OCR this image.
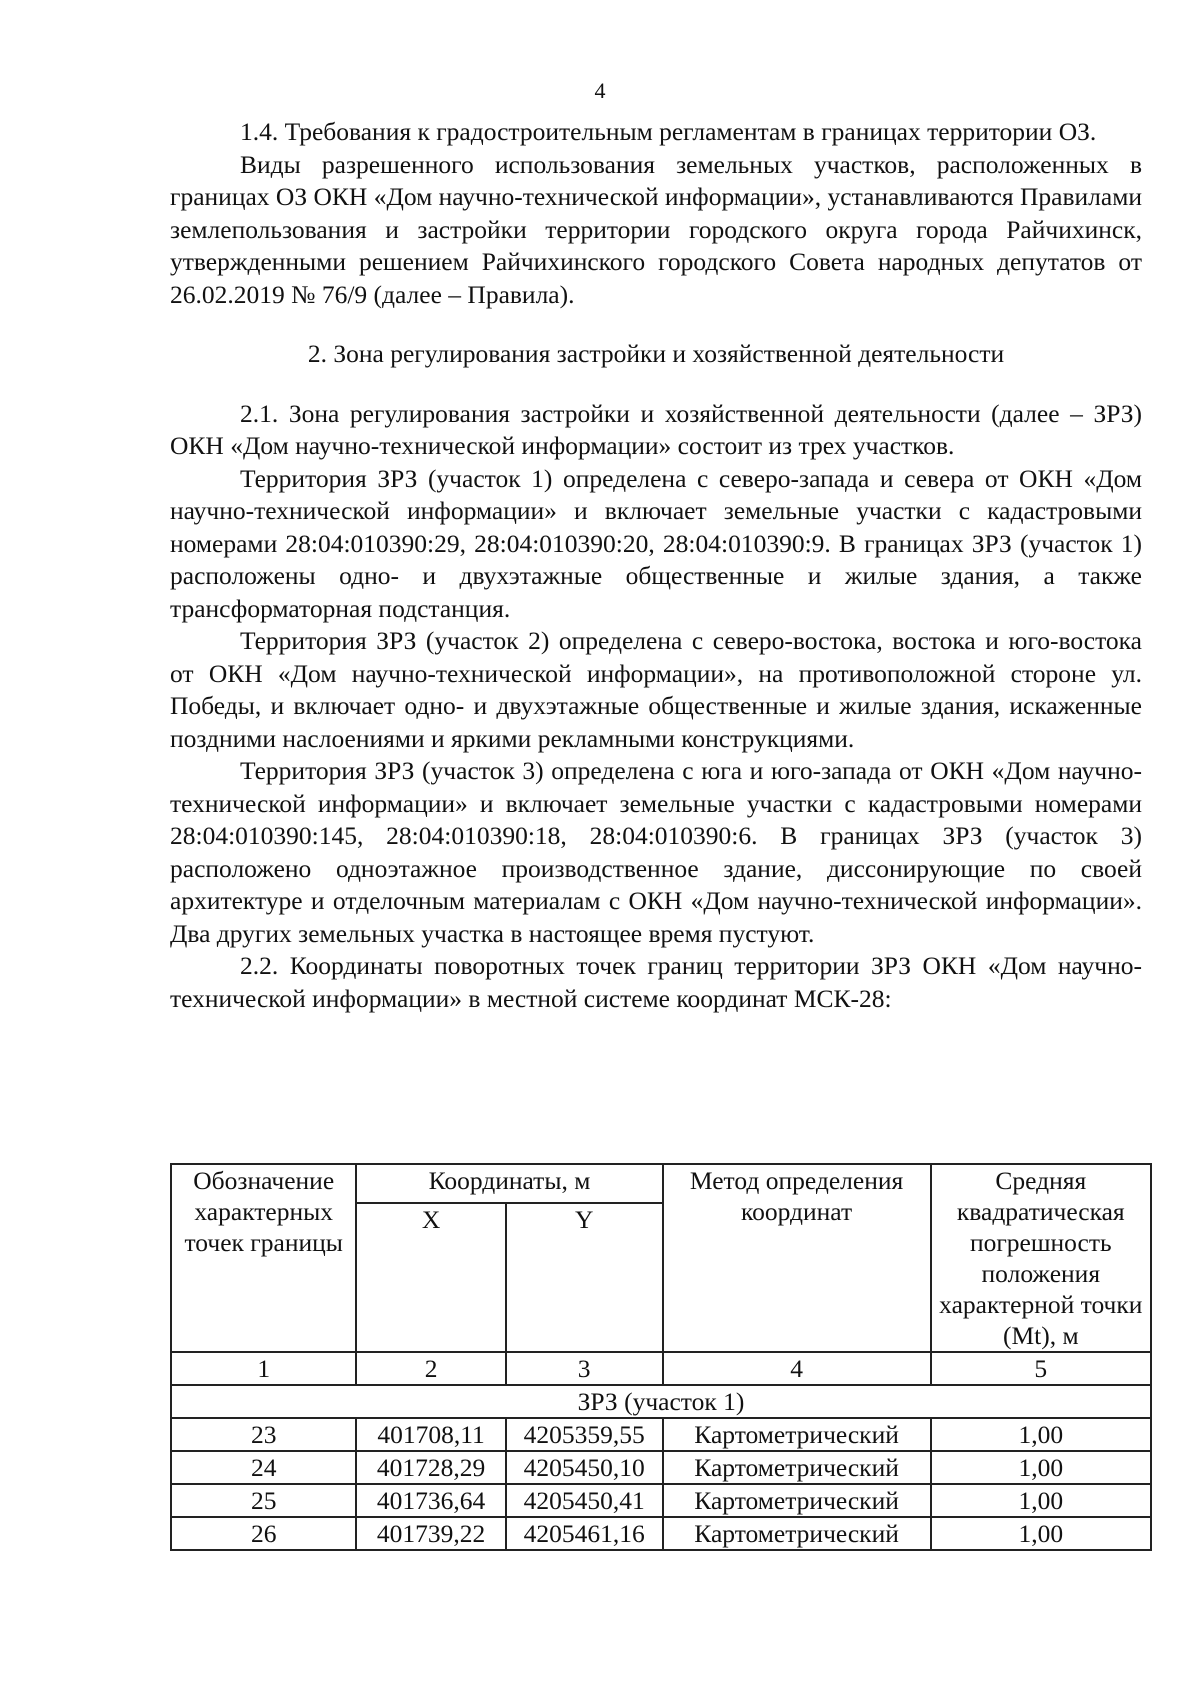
4

1.4. Требования к градостроительным регламентам в границах территории ОЗ.

Виды разрешенного использования земельных участков, расположенных в границах ОЗ ОКН «Дом научно-технической информации», устанавливаются Правилами землепользования и застройки территории городского округа города Райчихинск, утвержденными решением Райчихинского городского Совета народных депутатов от 26.02.2019 № 76/9 (далее – Правила).

2. Зона регулирования застройки и хозяйственной деятельности

2.1. Зона регулирования застройки и хозяйственной деятельности (далее – ЗРЗ) ОКН «Дом научно-технической информации» состоит из трех участков.

Территория ЗРЗ (участок 1) определена с северо-запада и севера от ОКН «Дом научно-технической информации» и включает земельные участки с кадастровыми номерами 28:04:010390:29, 28:04:010390:20, 28:04:010390:9. В границах ЗРЗ (участок 1) расположены одно- и двухэтажные общественные и жилые здания, а также трансформаторная подстанция.

Территория ЗРЗ (участок 2) определена с северо-востока, востока и юго-востока от ОКН «Дом научно-технической информации», на противоположной стороне ул. Победы, и включает одно- и двухэтажные общественные и жилые здания, искаженные поздними наслоениями и яркими рекламными конструкциями.

Территория ЗРЗ (участок 3) определена с юга и юго-запада от ОКН «Дом научно-технической информации» и включает земельные участки с кадастровыми номерами 28:04:010390:145, 28:04:010390:18, 28:04:010390:6. В границах ЗРЗ (участок 3) расположено одноэтажное производственное здание, диссонирующие по своей архитектуре и отделочным материалам с ОКН «Дом научно-технической информации». Два других земельных участка в настоящее время пустуют.

2.2. Координаты поворотных точек границ территории ЗРЗ ОКН «Дом научно-технической информации» в местной системе координат МСК-28:

Обозначение характерных точек границы	Координаты, м		Метод определения координат	Средняя квадратическая погрешность положения характерной точки (Mt), м
	X	Y		
1	2	3	4	5
ЗРЗ (участок 1)				
23	401708,11	4205359,55	Картометрический	1,00
24	401728,29	4205450,10	Картометрический	1,00
25	401736,64	4205450,41	Картометрический	1,00
26	401739,22	4205461,16	Картометрический	1,00
